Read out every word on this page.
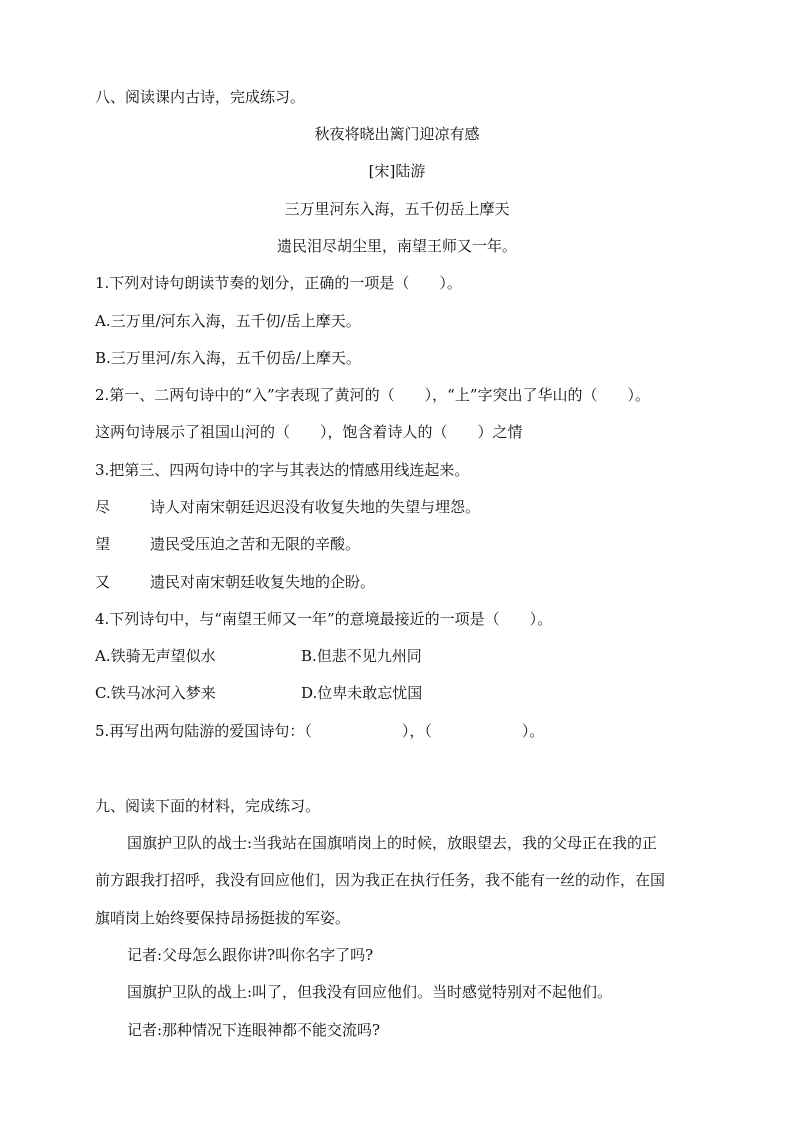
八、阅读课内古诗，完成练习。
秋夜将晓出篱门迎凉有感
[宋]陆游
三万里河东入海，五千仞岳上摩天
遗民泪尽胡尘里，南望王师又一年。
1.下列对诗句朗读节奏的划分，正确的一项是（　　）。
A.三万里/河东入海，五千仞/岳上摩天。
B.三万里河/东入海，五千仞岳/上摩天。
2.第一、二两句诗中的“入”字表现了黄河的（　　），“上”字突出了华山的（　　）。
这两句诗展示了祖国山河的（　　），饱含着诗人的（　　）之情
3.把第三、四两句诗中的字与其表达的情感用线连起来。
尽	诗人对南宋朝廷迟迟没有收复失地的失望与埋怨。
望	遗民受压迫之苦和无限的辛酸。
又	遗民对南宋朝廷收复失地的企盼。
4.下列诗句中，与“南望王师又一年”的意境最接近的一项是（　　）。
A.铁骑无声望似水	B.但悲不见九州同
C.铁马冰河入梦来	D.位卑未敢忘忧国
5.再写出两句陆游的爱国诗句：（　　　　　　），（　　　　　　）。
九、阅读下面的材料，完成练习。
国旗护卫队的战士:当我站在国旗哨岗上的时候，放眼望去，我的父母正在我的正
前方跟我打招呼，我没有回应他们，因为我正在执行任务，我不能有一丝的动作，在国
旗哨岗上始终要保持昂扬挺拔的军姿。
记者:父母怎么跟你讲?叫你名字了吗?
国旗护卫队的战上:叫了，但我没有回应他们。当时感觉特别对不起他们。
记者:那种情况下连眼神都不能交流吗?
